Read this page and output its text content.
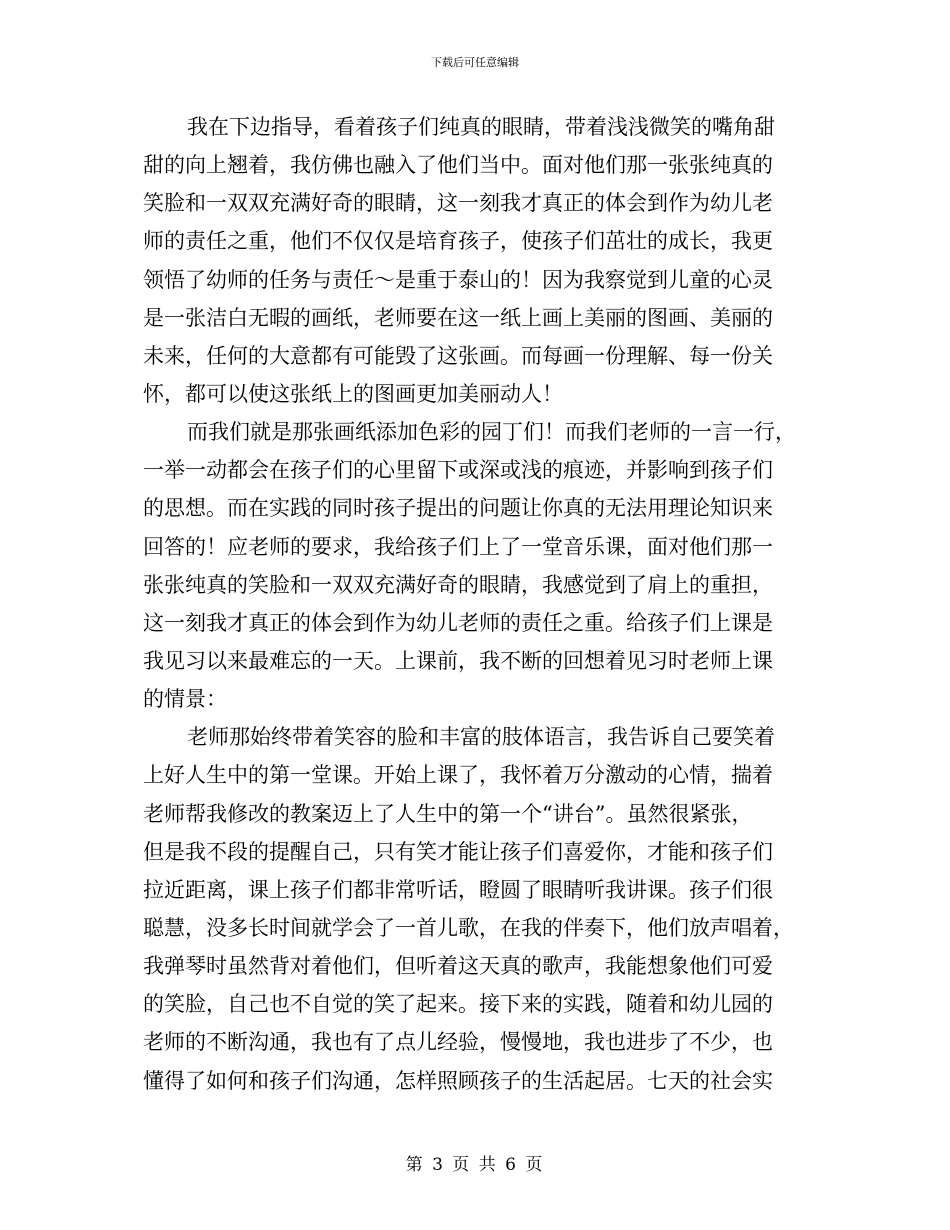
下载后可任意编辑
我在下边指导，看着孩子们纯真的眼睛，带着浅浅微笑的嘴角甜
甜的向上翘着，我仿佛也融入了他们当中。面对他们那一张张纯真的
笑脸和一双双充满好奇的眼睛，这一刻我才真正的体会到作为幼儿老
师的责任之重，他们不仅仅是培育孩子，使孩子们茁壮的成长，我更
领悟了幼师的任务与责任～是重于泰山的！因为我察觉到儿童的心灵
是一张洁白无暇的画纸，老师要在这一纸上画上美丽的图画、美丽的
未来，任何的大意都有可能毁了这张画。而每画一份理解、每一份关
怀，都可以使这张纸上的图画更加美丽动人！
而我们就是那张画纸添加色彩的园丁们！而我们老师的一言一行，
一举一动都会在孩子们的心里留下或深或浅的痕迹，并影响到孩子们
的思想。而在实践的同时孩子提出的问题让你真的无法用理论知识来
回答的！应老师的要求，我给孩子们上了一堂音乐课，面对他们那一
张张纯真的笑脸和一双双充满好奇的眼睛，我感觉到了肩上的重担，
这一刻我才真正的体会到作为幼儿老师的责任之重。给孩子们上课是
我见习以来最难忘的一天。上课前，我不断的回想着见习时老师上课
的情景：
老师那始终带着笑容的脸和丰富的肢体语言，我告诉自己要笑着
上好人生中的第一堂课。开始上课了，我怀着万分激动的心情，揣着
老师帮我修改的教案迈上了人生中的第一个“讲台”。虽然很紧张，
但是我不段的提醒自己，只有笑才能让孩子们喜爱你，才能和孩子们
拉近距离，课上孩子们都非常听话，瞪圆了眼睛听我讲课。孩子们很
聪慧，没多长时间就学会了一首儿歌，在我的伴奏下，他们放声唱着，
我弹琴时虽然背对着他们，但听着这天真的歌声，我能想象他们可爱
的笑脸，自己也不自觉的笑了起来。接下来的实践，随着和幼儿园的
老师的不断沟通，我也有了点儿经验，慢慢地，我也进步了不少，也
懂得了如何和孩子们沟通，怎样照顾孩子的生活起居。七天的社会实
第 3 页 共 6 页
